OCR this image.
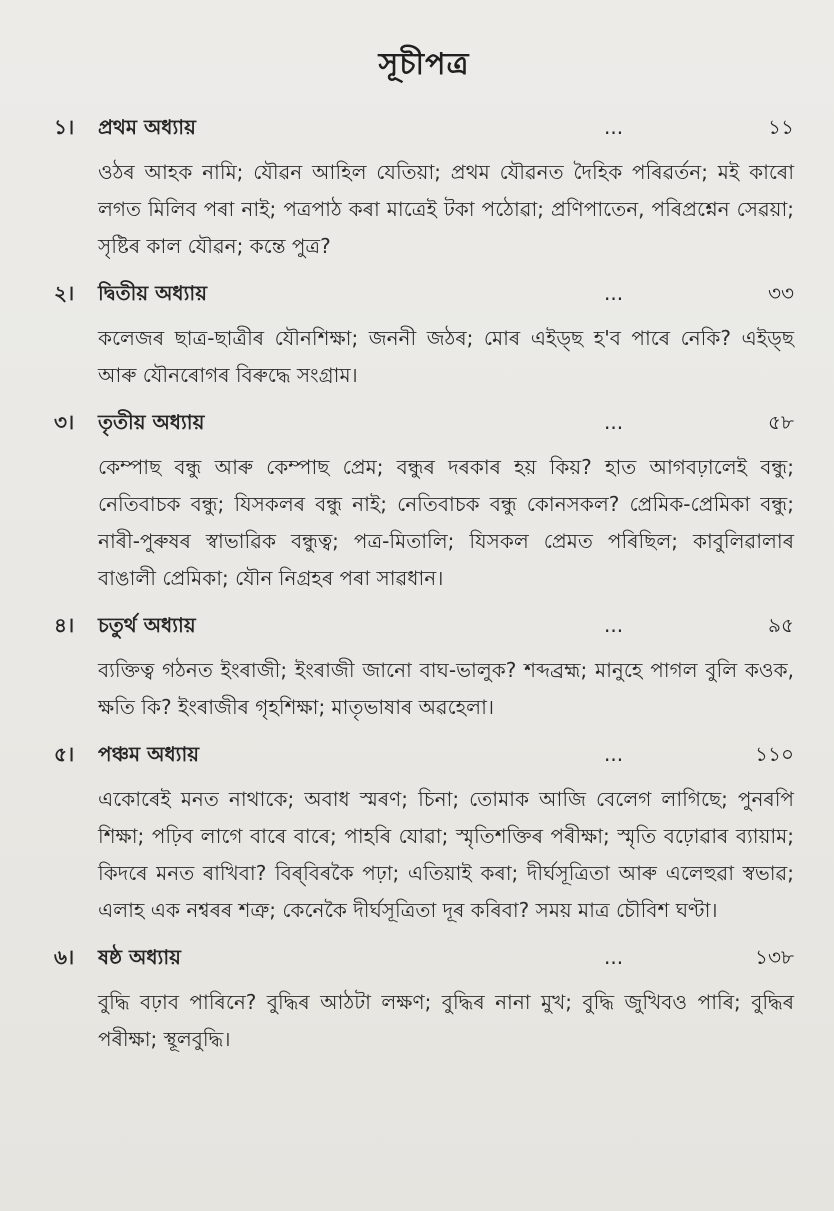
সূচীপত্ৰ
১।	প্ৰথম অধ্যায়	...	১১
ওঠৰ আহক নামি; যৌৱন আহিল যেতিয়া; প্ৰথম যৌৱনত দৈহিক পৰিৱৰ্তন; মই কাৰো লগত মিলিব পৰা নাই; পত্ৰপাঠ কৰা মাত্ৰেই টকা পঠোৱা; প্ৰণিপাতেন, পৰিপ্ৰশ্নেন সেৱয়া; সৃষ্টিৰ কাল যৌৱন; কন্তে পুত্ৰ?
২।	দ্বিতীয় অধ্যায়	...	৩৩
কলেজৰ ছাত্ৰ-ছাত্ৰীৰ যৌনশিক্ষা; জননী জঠৰ; মোৰ এইড্‌ছ হ'ব পাৰে নেকি? এইড্‌ছ আৰু যৌনৰোগৰ বিৰুদ্ধে সংগ্ৰাম।
৩।	তৃতীয় অধ্যায়	...	৫৮
কেম্পাছ বন্ধু আৰু কেম্পাছ প্ৰেম; বন্ধুৰ দৰকাৰ হয় কিয়? হাত আগবঢ়ালেই বন্ধু; নেতিবাচক বন্ধু; যিসকলৰ বন্ধু নাই; নেতিবাচক বন্ধু কোনসকল? প্ৰেমিক-প্ৰেমিকা বন্ধু; নাৰী-পুৰুষৰ স্বাভাৱিক বন্ধুত্ব; পত্ৰ-মিতালি; যিসকল প্ৰেমত পৰিছিল; কাবুলিৱালাৰ বাঙালী প্ৰেমিকা; যৌন নিগ্ৰহৰ পৰা সাৱধান।
৪।	চতুৰ্থ অধ্যায়	...	৯৫
ব্যক্তিত্ব গঠনত ইংৰাজী; ইংৰাজী জানো বাঘ-ভালুক? শব্দব্ৰহ্ম; মানুহে পাগল বুলি কওক, ক্ষতি কি? ইংৰাজীৰ গৃহশিক্ষা; মাতৃভাষাৰ অৱহেলা।
৫।	পঞ্চম অধ্যায়	...	১১০
একোৰেই মনত নাথাকে; অবাধ স্মৰণ; চিনা; তোমাক আজি বেলেগ লাগিছে; পুনৰপি শিক্ষা; পঢ়িব লাগে বাৰে বাৰে; পাহৰি যোৱা; স্মৃতিশক্তিৰ পৰীক্ষা; স্মৃতি বঢ়োৱাৰ ব্যায়াম; কিদৰে মনত ৰাখিবা? বিৰ্‌বিৰকৈ পঢ়া; এতিয়াই কৰা; দীৰ্ঘসূত্ৰিতা আৰু এলেহুৱা স্বভাৱ; এলাহ এক নশ্বৰৰ শত্ৰু; কেনেকৈ দীৰ্ঘসূত্ৰিতা দূৰ কৰিবা? সময় মাত্ৰ চৌবিশ ঘণ্টা।
৬।	ষষ্ঠ অধ্যায়	...	১৩৮
বুদ্ধি বঢ়াব পাৰিনে? বুদ্ধিৰ আঠটা লক্ষণ; বুদ্ধিৰ নানা মুখ; বুদ্ধি জুখিবও পাৰি; বুদ্ধিৰ পৰীক্ষা; স্থূলবুদ্ধি।
